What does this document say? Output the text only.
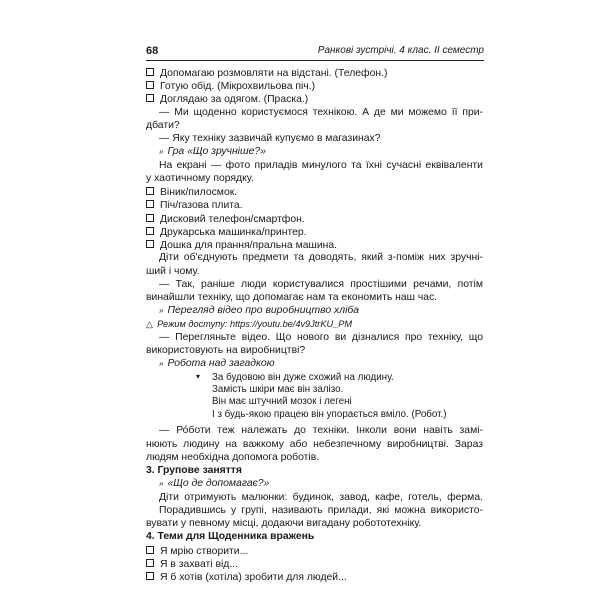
68	Ранкові зустрічі. 4 клас. ІІ семестр
Допомагаю розмовляти на відстані. (Телефон.)
Готую обід. (Мікрохвильова піч.)
Доглядаю за одягом. (Праска.)
— Ми щоденно користуємося технікою. А де ми можемо її при-
дбати?
— Яку техніку зазвичай купуємо в магазинах?
» Гра «Що зручніше?»
На екрані — фото приладів минулого та їхні сучасні еквіваленти
у хаотичному порядку.
Віник/пилосмок.
Піч/газова плита.
Дисковий телефон/смартфон.
Друкарська машинка/принтер.
Дошка для прання/пральна машина.
Діти об'єднують предмети та доводять, який з-поміж них зручні-
ший і чому.
— Так, раніше люди користувалися простішими речами, потім
винайшли техніку, що допомагає нам та економить наш час.
» Перегляд відео про виробництво хліба
△ Режим доступу: https://youtu.be/4v9JtrKU_PM
— Перегляньте відео. Що нового ви дізналися про техніку, що
використовують на виробництві?
» Робота над загадкою
▾ За будовою він дуже схожий на людину.
Замість шкіри має він залізо.
Він має штучний мозок і легені
І з будь-якою працею він упорається вміло. (Робот.)
— Ро́боти теж належать до техніки. Інколи вони навіть замі-
нюють людину на важкому або небезпечному виробництві. Зараз
людям необхідна допомога роботів.
3. Групове заняття
» «Що де допомагає?»
Діти отримують малюнки: будинок, завод, кафе, готель, ферма.
Порадившись у групі, називають прилади, які можна використо-
вувати у певному місці, додаючи вигадану робототехніку.
4. Теми для Щоденника вражень
Я мрію створити...
Я в захваті від...
Я б хотів (хотіла) зробити для людей...
